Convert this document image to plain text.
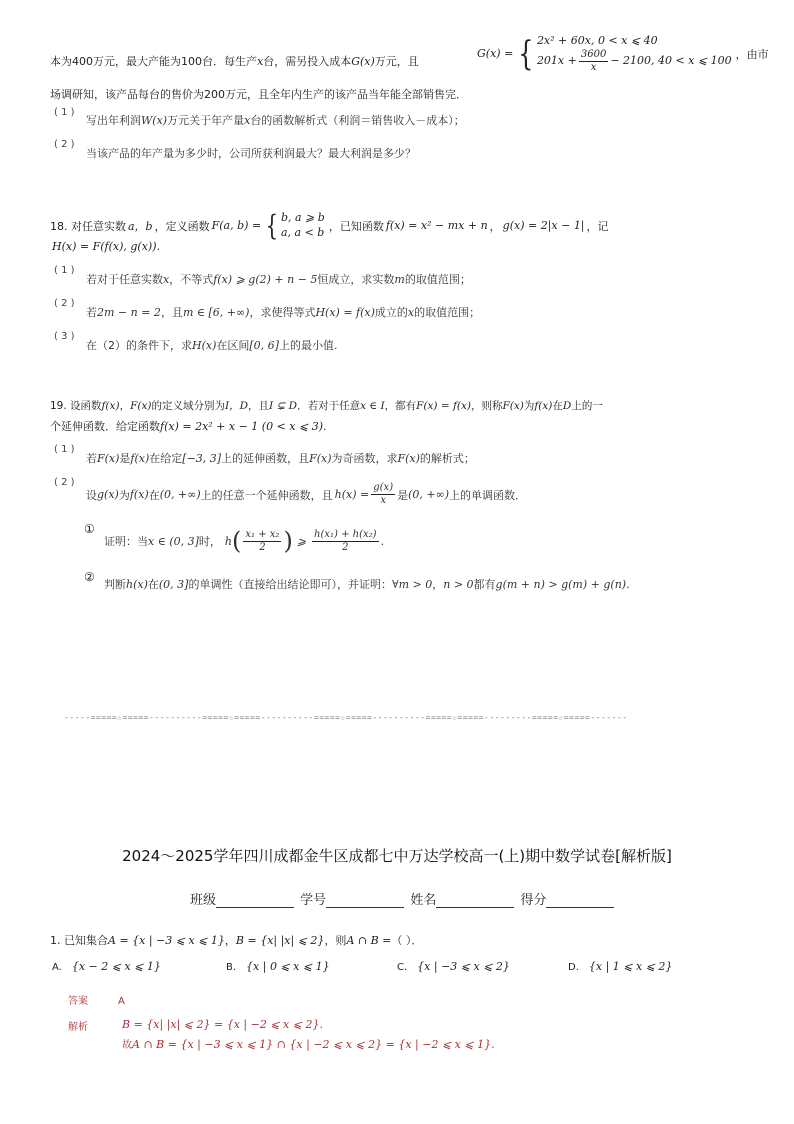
本为400万元，最大产能为100台．每生产x台，需另投入成本G(x)万元，且
G(x) = { 2x² + 60x, 0 < x ⩽ 40
$201x + \frac{3600}{x} - 2100$, 40 < x ⩽ 100 ，由市
场调研知，该产品每台的售价为200万元，且全年内生产的该产品当年能全部销售完．
( 1 )
写出年利润W(x)万元关于年产量x台的函数解析式（利润＝销售收入－成本）；
( 2 )
当该产品的年产量为多少时，公司所获利润最大？最大利润是多少？
18. 对任意实数 a，b ，定义函数 F(a, b) = { b, a ⩾ b
a, a < b ，已知函数 f(x) = x² − mx + n ， g(x) = 2|x − 1| ，记
H(x) = F(f(x), g(x)).
( 1 )
若对于任意实数x，不等式f(x) ⩾ g(2) + n − 5恒成立，求实数m的取值范围；
( 2 )
若2m − n = 2，且m ∈ [6, +∞)，求使得等式H(x) = f(x)成立的x的取值范围；
( 3 )
在（2）的条件下，求H(x)在区间[0, 6]上的最小值.
19. 设函数f(x)，F(x)的定义域分别为I，D，且I ⊊ D．若对于任意x ∈ I，都有F(x) = f(x)，则称F(x)为f(x)在D上的一
个延伸函数．给定函数f(x) = 2x² + x − 1 (0 < x ⩽ 3).
( 1 )
若F(x)是f(x)在给定[−3, 3]上的延伸函数，且F(x)为奇函数，求F(x)的解析式；
( 2 )
设 g(x) 为 f(x) 在 (0, +∞) 上的任意一个延伸函数，且 $h(x) = \frac{g(x)}{x}$ 是 (0, +∞) 上的单调函数．
①
证明：当 x ∈ (0, 3] 时， h ( $\frac{\text{x₁ + x₂}}{2}$ ) ⩾ $\frac{\text{h(x₁) + h(x₂)}}{2}$ .
②
判断h(x)在(0, 3]的单调性（直接给出结论即可），并证明：∀m > 0，n > 0都有g(m + n) > g(m) + g(n).
-----=====☆=====----------=====☆=====----------=====☆=====----------=====☆=====---------=====☆=====-------
2024～2025学年四川成都金牛区成都七中万达学校高一(上)期中数学试卷[解析版]
班级	学号	姓名	得分
1. 已知集合A = {x | −3 ⩽ x ⩽ 1}，B = {x| |x| ⩽ 2}，则A ∩ B =（ ）．
A. {x − 2 ⩽ x ⩽ 1}	B. {x | 0 ⩽ x ⩽ 1}	C. {x | −3 ⩽ x ⩽ 2}	D. {x | 1 ⩽ x ⩽ 2}
答案	A
解析	B = {x| |x| ⩽ 2} = {x | −2 ⩽ x ⩽ 2}.
故A ∩ B = {x | −3 ⩽ x ⩽ 1} ∩ {x | −2 ⩽ x ⩽ 2} = {x | −2 ⩽ x ⩽ 1}.
